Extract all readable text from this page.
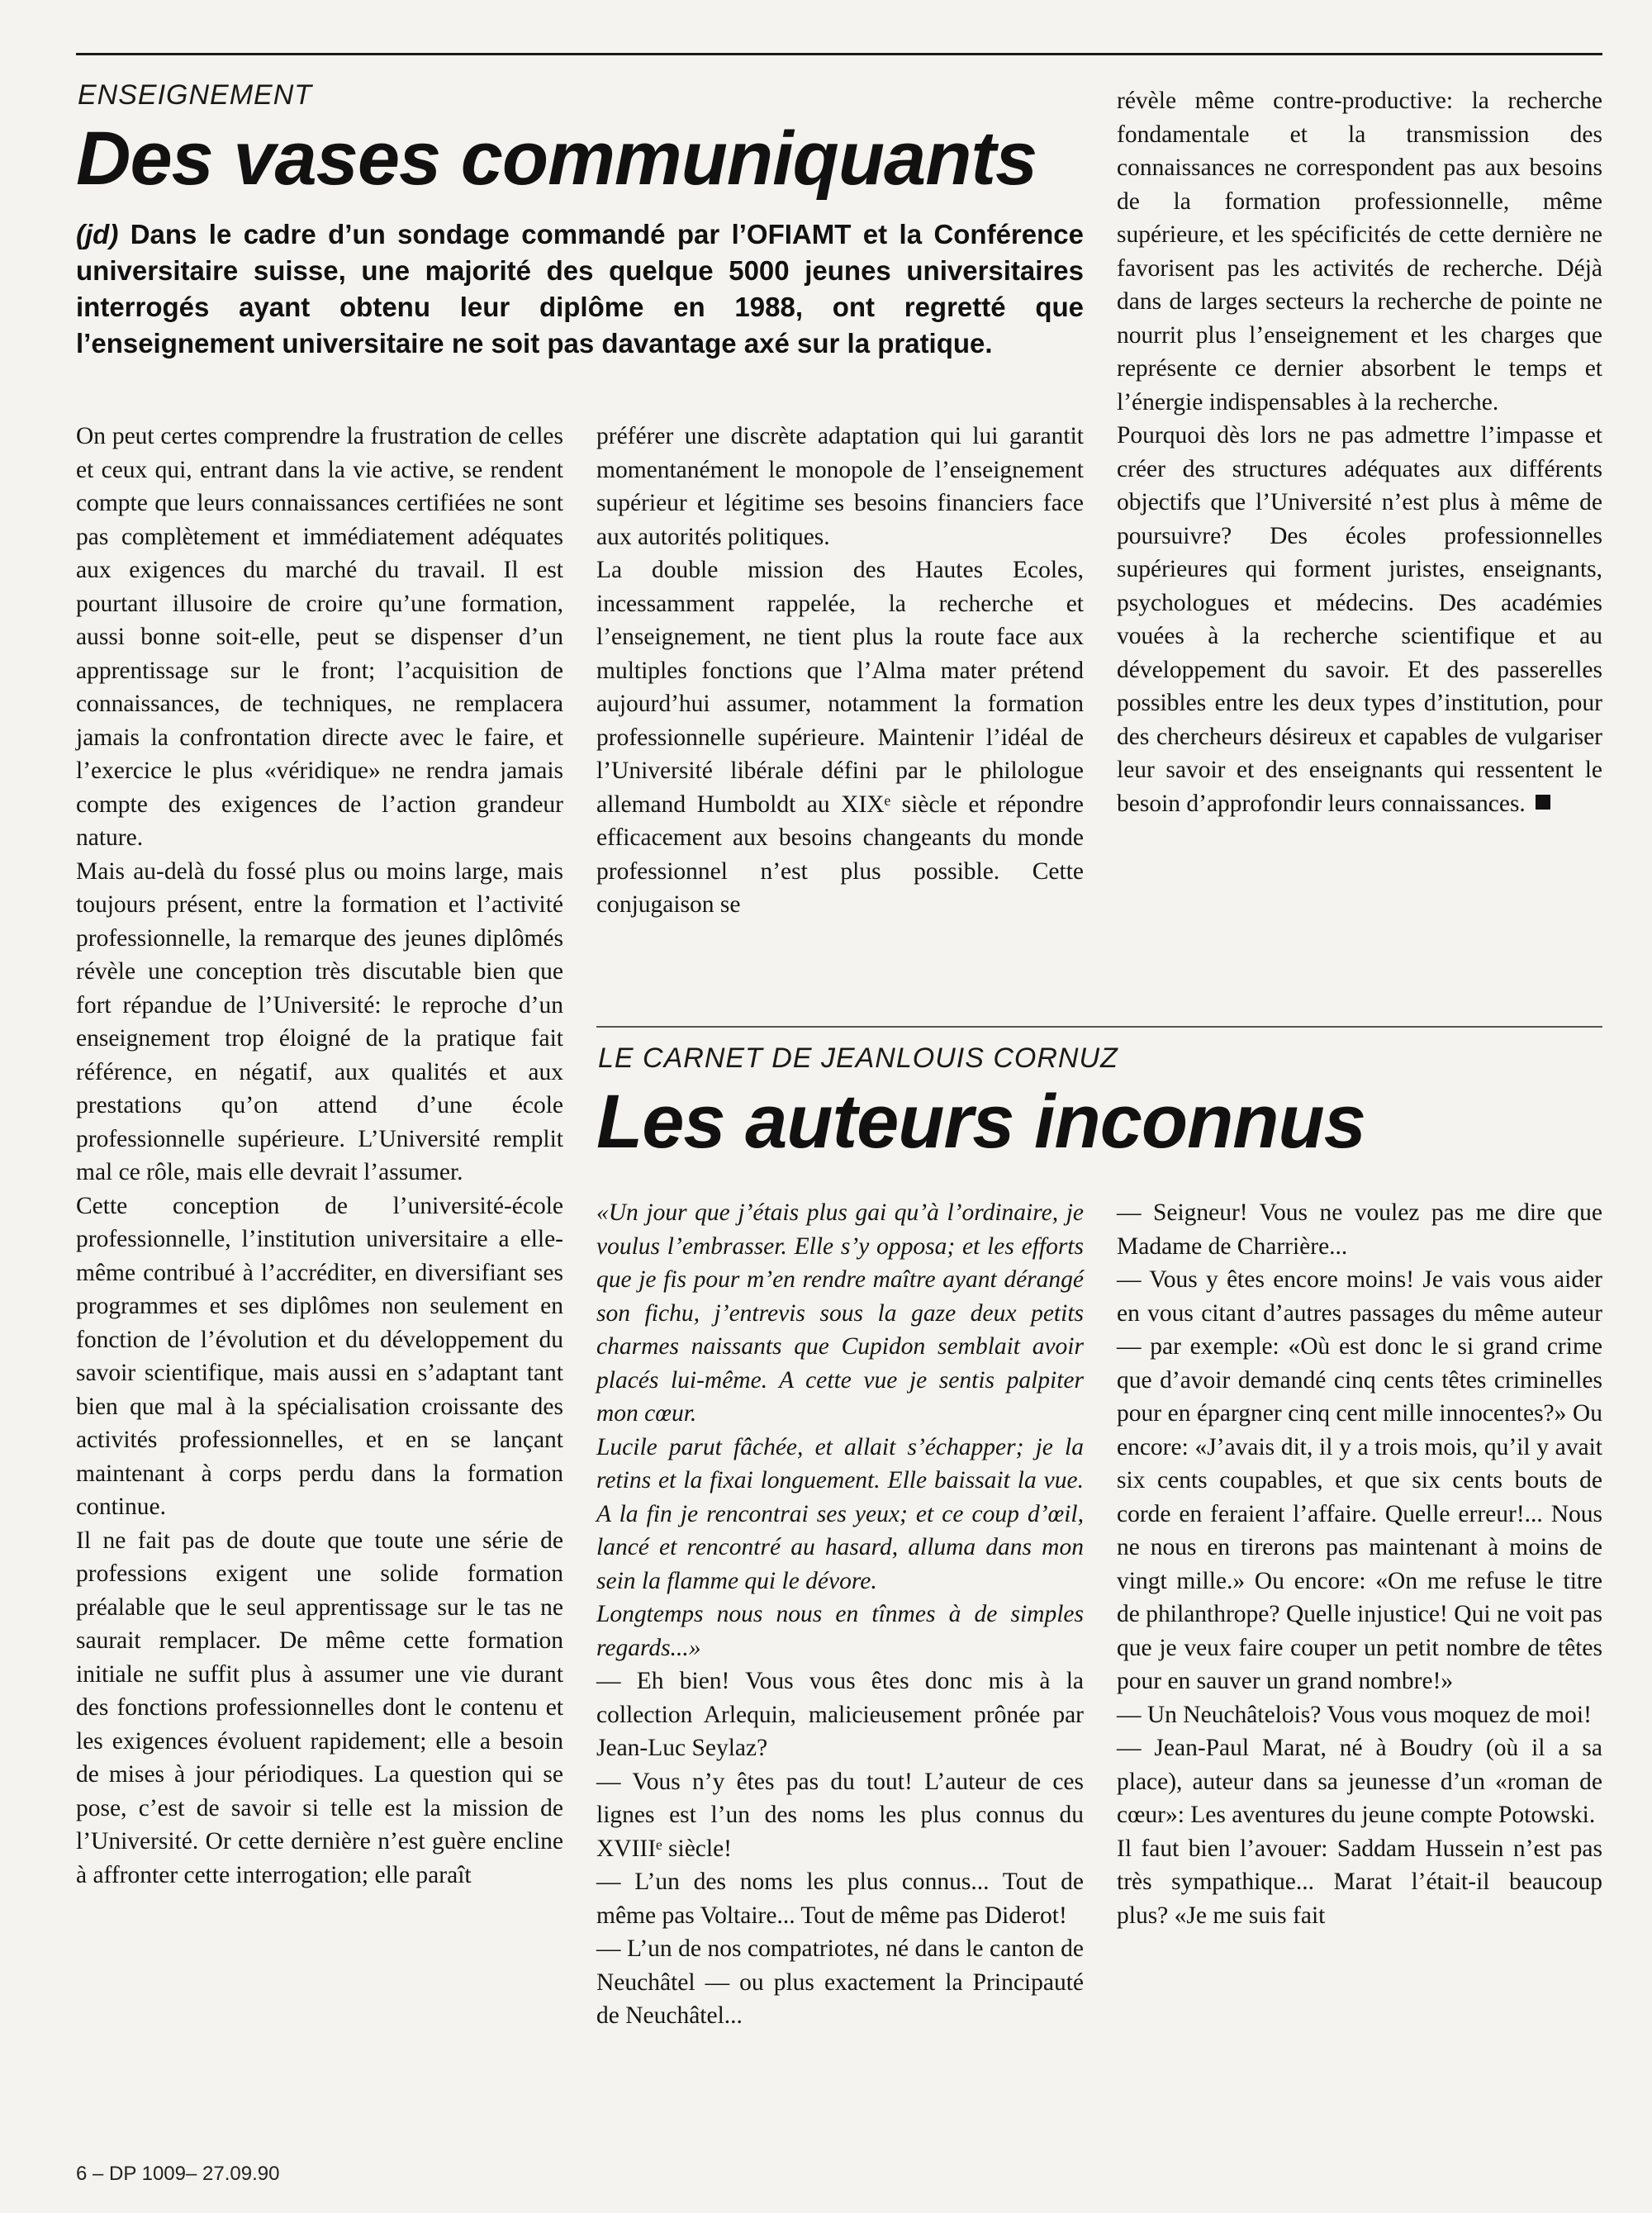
ENSEIGNEMENT
Des vases communiquants
(jd) Dans le cadre d’un sondage commandé par l’OFIAMT et la Conférence universitaire suisse, une majorité des quelque 5000 jeunes universitaires interrogés ayant obtenu leur diplôme en 1988, ont regretté que l’enseignement universitaire ne soit pas davantage axé sur la pratique.

On peut certes comprendre la frustration de celles et ceux qui, entrant dans la vie active, se rendent compte que leurs connaissances certifiées ne sont pas complètement et immédiatement adéquates aux exigences du marché du travail. Il est pourtant illusoire de croire qu’une formation, aussi bonne soit-elle, peut se dispenser d’un apprentissage sur le front; l’acquisition de connaissances, de techniques, ne remplacera jamais la confrontation directe avec le faire, et l’exercice le plus «véridique» ne rendra jamais compte des exigences de l’action grandeur nature.

Mais au-delà du fossé plus ou moins large, mais toujours présent, entre la formation et l’activité professionnelle, la remarque des jeunes diplômés révèle une conception très discutable bien que fort répandue de l’Université: le reproche d’un enseignement trop éloigné de la pratique fait référence, en négatif, aux qualités et aux prestations qu’on attend d’une école professionnelle supérieure. L’Université remplit mal ce rôle, mais elle devrait l’assumer.

Cette conception de l’université-école professionnelle, l’institution universitaire a elle-même contribué à l’accréditer, en diversifiant ses programmes et ses diplômes non seulement en fonction de l’évolution et du développement du savoir scientifique, mais aussi en s’adaptant tant bien que mal à la spécialisation croissante des activités professionnelles, et en se lançant maintenant à corps perdu dans la formation continue.

Il ne fait pas de doute que toute une série de professions exigent une solide formation préalable que le seul apprentissage sur le tas ne saurait remplacer. De même cette formation initiale ne suffit plus à assumer une vie durant des fonctions professionnelles dont le contenu et les exigences évoluent rapidement; elle a besoin de mises à jour périodiques. La question qui se pose, c’est de savoir si telle est la mission de l’Université. Or cette dernière n’est guère encline à affronter cette interrogation; elle paraît

préférer une discrète adaptation qui lui garantit momentanément le monopole de l’enseignement supérieur et légitime ses besoins financiers face aux autorités politiques.

La double mission des Hautes Ecoles, incessamment rappelée, la recherche et l’enseignement, ne tient plus la route face aux multiples fonctions que l’Alma mater prétend aujourd’hui assumer, notamment la formation professionnelle supérieure. Maintenir l’idéal de l’Université libérale défini par le philologue allemand Humboldt au XIXᵉ siècle et répondre efficacement aux besoins changeants du monde professionnel n’est plus possible. Cette conjugaison se

révèle même contre-productive: la recherche fondamentale et la transmission des connaissances ne correspondent pas aux besoins de la formation professionnelle, même supérieure, et les spécificités de cette dernière ne favorisent pas les activités de recherche. Déjà dans de larges secteurs la recherche de pointe ne nourrit plus l’enseignement et les charges que représente ce dernier absorbent le temps et l’énergie indispensables à la recherche.

Pourquoi dès lors ne pas admettre l’impasse et créer des structures adéquates aux différents objectifs que l’Université n’est plus à même de poursuivre? Des écoles professionnelles supérieures qui forment juristes, enseignants, psychologues et médecins. Des académies vouées à la recherche scientifique et au développement du savoir. Et des passerelles possibles entre les deux types d’institution, pour des chercheurs désireux et capables de vulgariser leur savoir et des enseignants qui ressentent le besoin d’approfondir leurs connaissances.

LE CARNET DE JEANLOUIS CORNUZ
Les auteurs inconnus

«Un jour que j’étais plus gai qu’à l’ordinaire, je voulus l’embrasser. Elle s’y opposa; et les efforts que je fis pour m’en rendre maître ayant dérangé son fichu, j’entrevis sous la gaze deux petits charmes naissants que Cupidon semblait avoir placés lui-même. A cette vue je sentis palpiter mon cœur.

Lucile parut fâchée, et allait s’échapper; je la retins et la fixai longuement. Elle baissait la vue. A la fin je rencontrai ses yeux; et ce coup d’œil, lancé et rencontré au hasard, alluma dans mon sein la flamme qui le dévore.

Longtemps nous nous en tînmes à de simples regards...»

— Eh bien! Vous vous êtes donc mis à la collection Arlequin, malicieusement prônée par Jean-Luc Seylaz?

— Vous n’y êtes pas du tout! L’auteur de ces lignes est l’un des noms les plus connus du XVIIIᵉ siècle!

— L’un des noms les plus connus... Tout de même pas Voltaire... Tout de même pas Diderot!

— L’un de nos compatriotes, né dans le canton de Neuchâtel — ou plus exactement la Principauté de Neuchâtel...

— Seigneur! Vous ne voulez pas me dire que Madame de Charrière...

— Vous y êtes encore moins! Je vais vous aider en vous citant d’autres passages du même auteur — par exemple: «Où est donc le si grand crime que d’avoir demandé cinq cents têtes criminelles pour en épargner cinq cent mille innocentes?» Ou encore: «J’avais dit, il y a trois mois, qu’il y avait six cents coupables, et que six cents bouts de corde en feraient l’affaire. Quelle erreur!... Nous ne nous en tirerons pas maintenant à moins de vingt mille.» Ou encore: «On me refuse le titre de philanthrope? Quelle injustice! Qui ne voit pas que je veux faire couper un petit nombre de têtes pour en sauver un grand nombre!»

— Un Neuchâtelois? Vous vous moquez de moi!

— Jean-Paul Marat, né à Boudry (où il a sa place), auteur dans sa jeunesse d’un «roman de cœur»: Les aventures du jeune compte Potowski.

Il faut bien l’avouer: Saddam Hussein n’est pas très sympathique... Marat l’était-il beaucoup plus? «Je me suis fait

6 – DP 1009– 27.09.90
